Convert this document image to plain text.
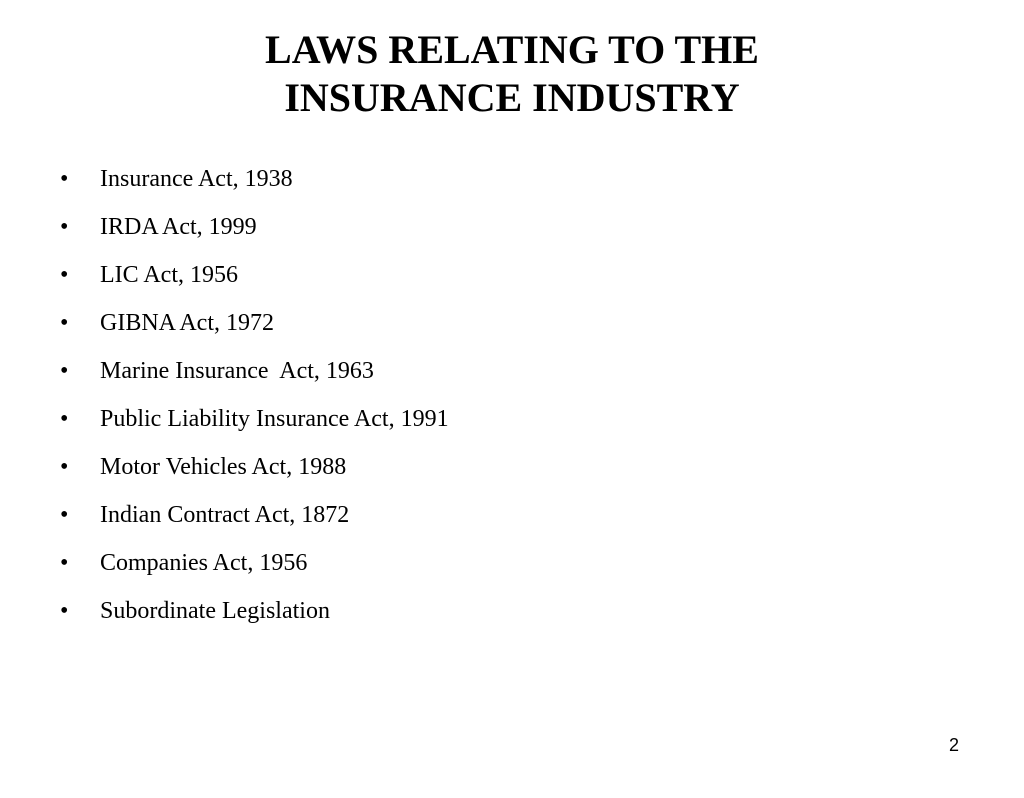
LAWS RELATING TO THE
INSURANCE INDUSTRY

•

Insurance Act, 1938

•

IRDA Act, 1999

•

LIC Act, 1956

•

GIBNA Act, 1972

•

Marine Insurance  Act, 1963

•

Public Liability Insurance Act, 1991

•

Motor Vehicles Act, 1988

•

Indian Contract Act, 1872

•

Companies Act, 1956

•

Subordinate Legislation

2
